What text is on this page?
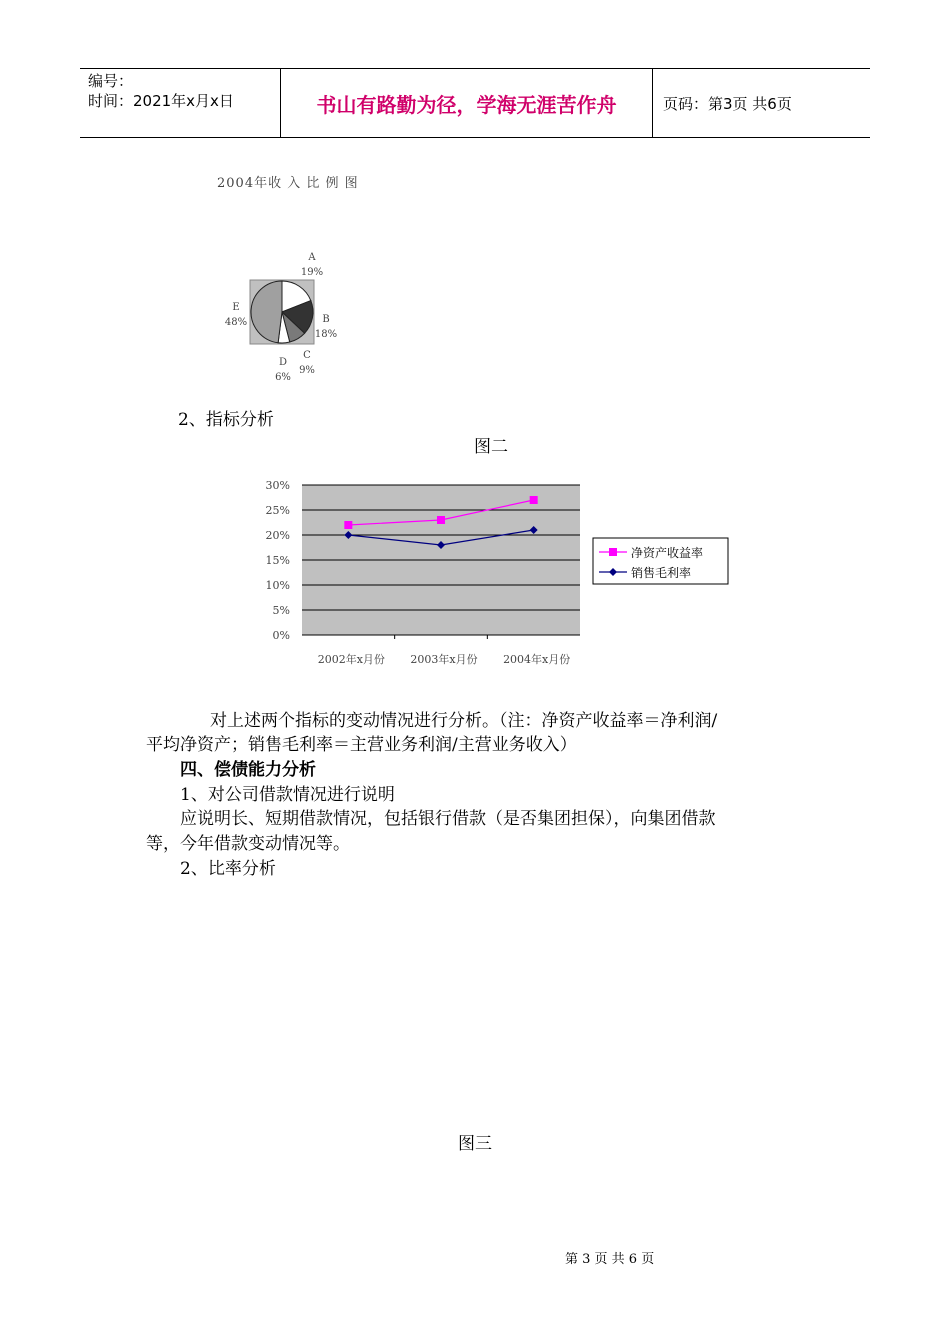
编号：
时间：2021年x月x日	书山有路勤为径，学海无涯苦作舟	页码：第3页 共6页
2004年收 入 比 例 图
A
19%
B
18%
C
9%
D
6%
E
48%
2、指标分析
图二
0%
5%
10%
15%
20%
25%
30%
2002年x月份 2003年x月份 2004年x月份
净资产收益率
销售毛利率
对上述两个指标的变动情况进行分析。（注：净资产收益率＝净利润/
平均净资产；销售毛利率＝主营业务利润/主营业务收入）
四、偿债能力分析
1、对公司借款情况进行说明
应说明长、短期借款情况，包括银行借款（是否集团担保），向集团借款
等，今年借款变动情况等。
2、比率分析
图三
第 3 页 共 6 页
